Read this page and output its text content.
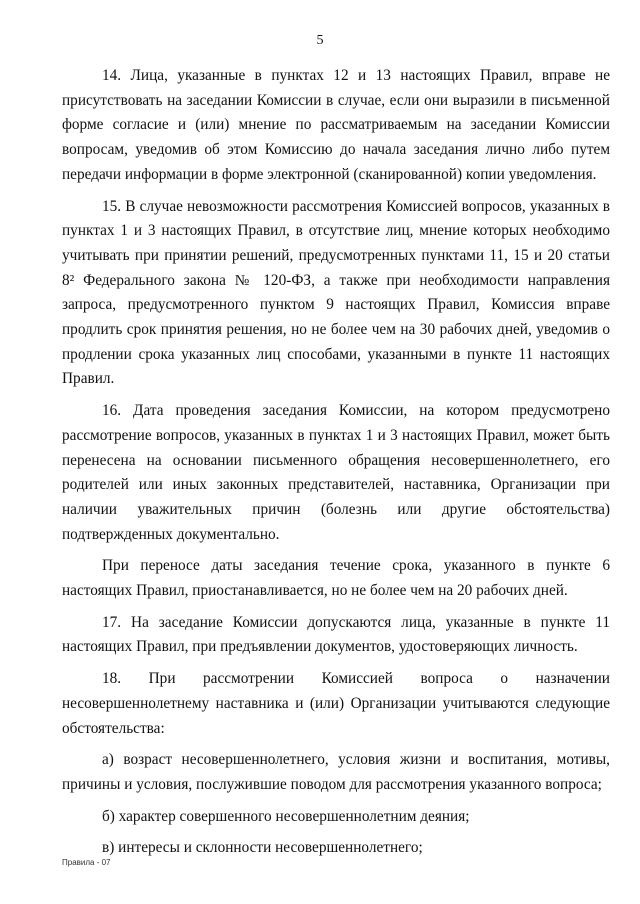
5

14. Лица, указанные в пунктах 12 и 13 настоящих Правил, вправе не присутствовать на заседании Комиссии в случае, если они выразили в письменной форме согласие и (или) мнение по рассматриваемым на заседании Комиссии вопросам, уведомив об этом Комиссию до начала заседания лично либо путем передачи информации в форме электронной (сканированной) копии уведомления.

15. В случае невозможности рассмотрения Комиссией вопросов, указанных в пунктах 1 и 3 настоящих Правил, в отсутствие лиц, мнение которых необходимо учитывать при принятии решений, предусмотренных пунктами 11, 15 и 20 статьи 8² Федерального закона № 120-ФЗ, а также при необходимости направления запроса, предусмотренного пунктом 9 настоящих Правил, Комиссия вправе продлить срок принятия решения, но не более чем на 30 рабочих дней, уведомив о продлении срока указанных лиц способами, указанными в пункте 11 настоящих Правил.

16. Дата проведения заседания Комиссии, на котором предусмотрено рассмотрение вопросов, указанных в пунктах 1 и 3 настоящих Правил, может быть перенесена на основании письменного обращения несовершеннолетнего, его родителей или иных законных представителей, наставника, Организации при наличии уважительных причин (болезнь или другие обстоятельства) подтвержденных документально.

При переносе даты заседания течение срока, указанного в пункте 6 настоящих Правил, приостанавливается, но не более чем на 20 рабочих дней.

17. На заседание Комиссии допускаются лица, указанные в пункте 11 настоящих Правил, при предъявлении документов, удостоверяющих личность.

18. При рассмотрении Комиссией вопроса о назначении несовершеннолетнему наставника и (или) Организации учитываются следующие обстоятельства:

а) возраст несовершеннолетнего, условия жизни и воспитания, мотивы, причины и условия, послужившие поводом для рассмотрения указанного вопроса;

б) характер совершенного несовершеннолетним деяния;

в) интересы и склонности несовершеннолетнего;

Правила - 07
